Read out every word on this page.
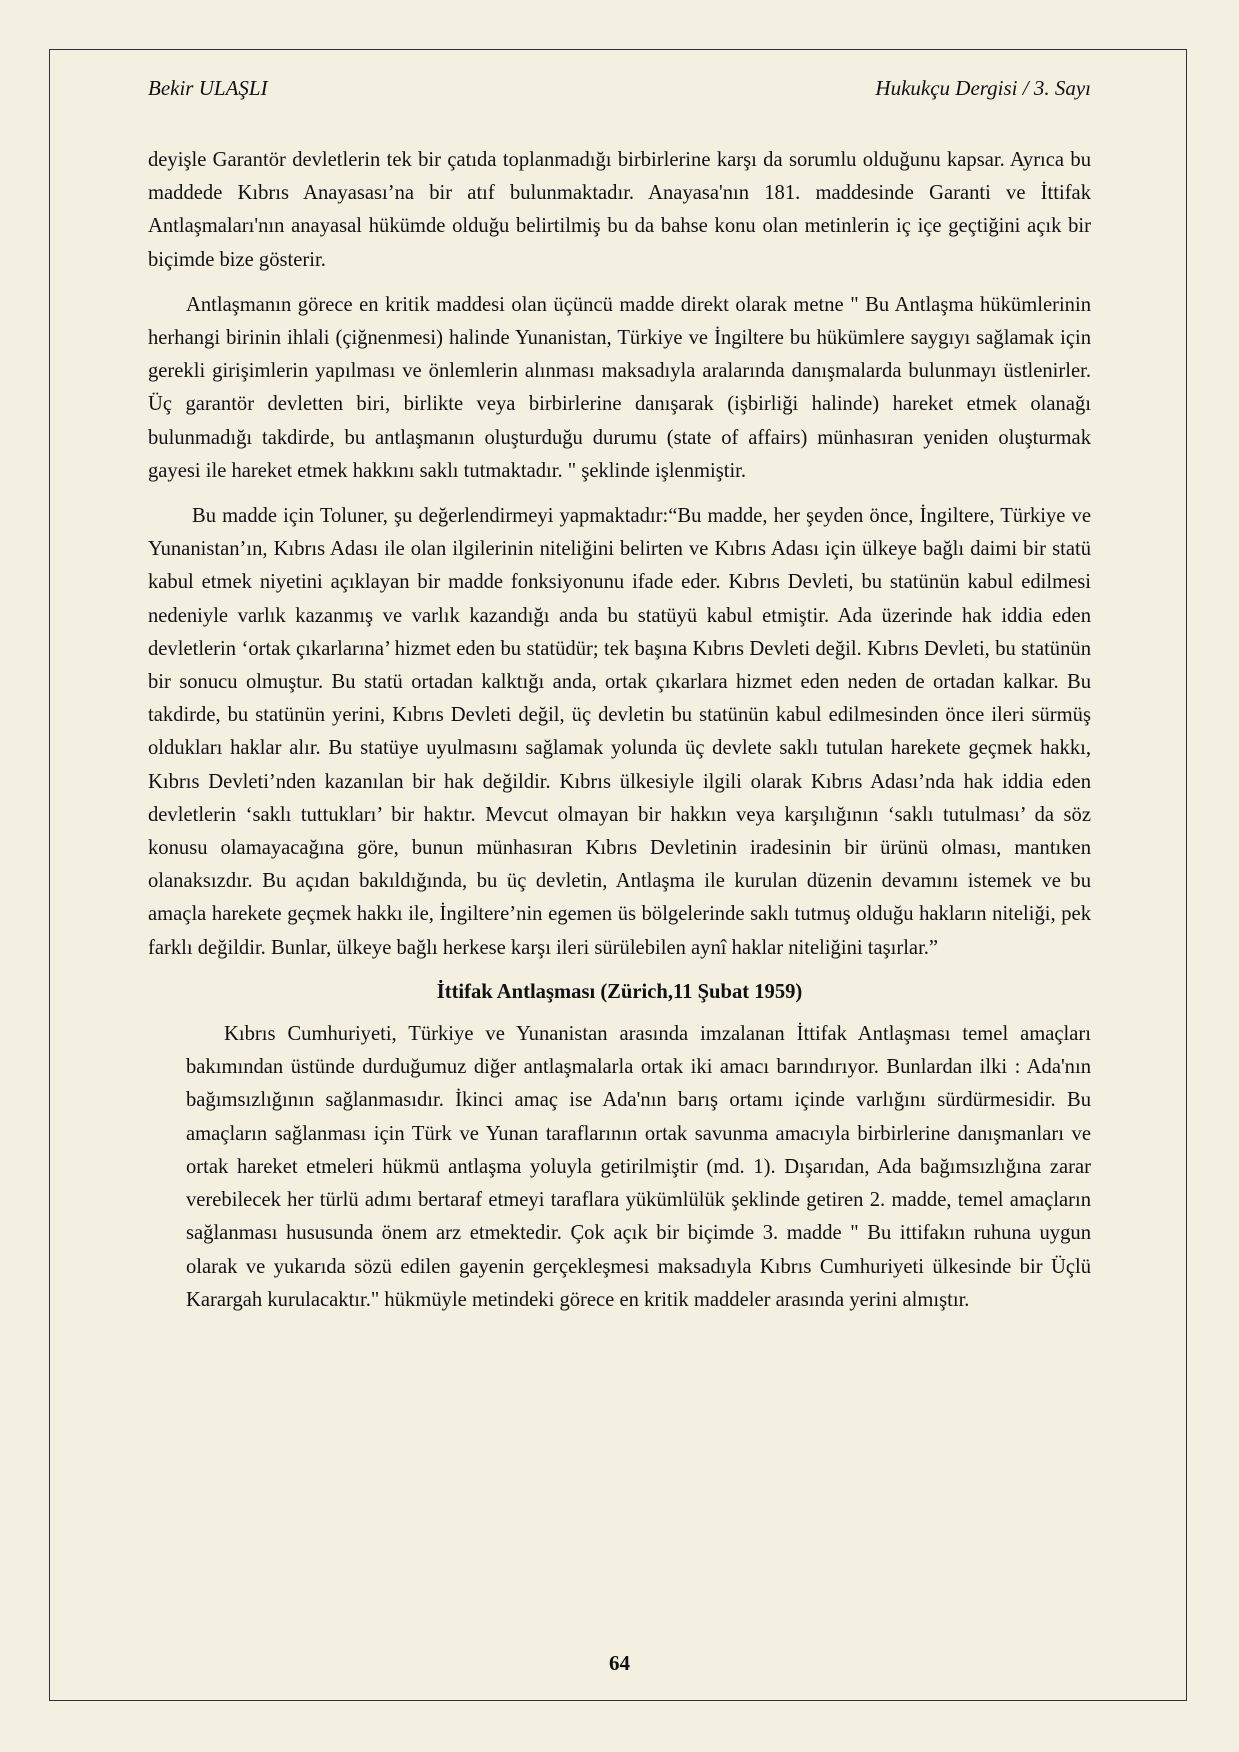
Bekir ULAŞLI	Hukukçu Dergisi / 3. Sayı

deyişle Garantör devletlerin tek bir çatıda toplanmadığı birbirlerine karşı da sorumlu olduğunu kapsar. Ayrıca bu maddede Kıbrıs Anayasası’na bir atıf bulunmaktadır. Anayasa'nın 181. maddesinde Garanti ve İttifak Antlaşmaları'nın anayasal hükümde olduğu belirtilmiş bu da bahse konu olan metinlerin iç içe geçtiğini açık bir biçimde bize gösterir.

Antlaşmanın görece en kritik maddesi olan üçüncü madde direkt olarak metne " Bu Antlaşma hükümlerinin herhangi birinin ihlali (çiğnenmesi) halinde Yunanistan, Türkiye ve İngiltere bu hükümlere saygıyı sağlamak için gerekli girişimlerin yapılması ve önlemlerin alınması maksadıyla aralarında danışmalarda bulunmayı üstlenirler. Üç garantör devletten biri, birlikte veya birbirlerine danışarak (işbirliği halinde) hareket etmek olanağı bulunmadığı takdirde, bu antlaşmanın oluşturduğu durumu (state of affairs) münhasıran yeniden oluşturmak gayesi ile hareket etmek hakkını saklı tutmaktadır. " şeklinde işlenmiştir.

Bu madde için Toluner, şu değerlendirmeyi yapmaktadır:“Bu madde, her şeyden önce, İngiltere, Türkiye ve Yunanistan’ın, Kıbrıs Adası ile olan ilgilerinin niteliğini belirten ve Kıbrıs Adası için ülkeye bağlı daimi bir statü kabul etmek niyetini açıklayan bir madde fonksiyonunu ifade eder. Kıbrıs Devleti, bu statünün kabul edilmesi nedeniyle varlık kazanmış ve varlık kazandığı anda bu statüyü kabul etmiştir. Ada üzerinde hak iddia eden devletlerin ‘ortak çıkarlarına’ hizmet eden bu statüdür; tek başına Kıbrıs Devleti değil. Kıbrıs Devleti, bu statünün bir sonucu olmuştur. Bu statü ortadan kalktığı anda, ortak çıkarlara hizmet eden neden de ortadan kalkar. Bu takdirde, bu statünün yerini, Kıbrıs Devleti değil, üç devletin bu statünün kabul edilmesinden önce ileri sürmüş oldukları haklar alır. Bu statüye uyulmasını sağlamak yolunda üç devlete saklı tutulan harekete geçmek hakkı, Kıbrıs Devleti’nden kazanılan bir hak değildir. Kıbrıs ülkesiyle ilgili olarak Kıbrıs Adası’nda hak iddia eden devletlerin ‘saklı tuttukları’ bir haktır. Mevcut olmayan bir hakkın veya karşılığının ‘saklı tutulması’ da söz konusu olamayacağına göre, bunun münhasıran Kıbrıs Devletinin iradesinin bir ürünü olması, mantıken olanaksızdır. Bu açıdan bakıldığında, bu üç devletin, Antlaşma ile kurulan düzenin devamını istemek ve bu amaçla harekete geçmek hakkı ile, İngiltere’nin egemen üs bölgelerinde saklı tutmuş olduğu hakların niteliği, pek farklı değildir. Bunlar, ülkeye bağlı herkese karşı ileri sürülebilen aynî haklar niteliğini taşırlar.”

İttifak Antlaşması (Zürich,11 Şubat 1959)

Kıbrıs Cumhuriyeti, Türkiye ve Yunanistan arasında imzalanan İttifak Antlaşması temel amaçları bakımından üstünde durduğumuz diğer antlaşmalarla ortak iki amacı barındırıyor. Bunlardan ilki : Ada'nın bağımsızlığının sağlanmasıdır. İkinci amaç ise Ada'nın barış ortamı içinde varlığını sürdürmesidir. Bu amaçların sağlanması için Türk ve Yunan taraflarının ortak savunma amacıyla birbirlerine danışmanları ve ortak hareket etmeleri hükmü antlaşma yoluyla getirilmiştir (md. 1). Dışarıdan, Ada bağımsızlığına zarar verebilecek her türlü adımı bertaraf etmeyi taraflara yükümlülük şeklinde getiren 2. madde, temel amaçların sağlanması hususunda önem arz etmektedir. Çok açık bir biçimde 3. madde " Bu ittifakın ruhuna uygun olarak ve yukarıda sözü edilen gayenin gerçekleşmesi maksadıyla Kıbrıs Cumhuriyeti ülkesinde bir Üçlü Karargah kurulacaktır." hükmüyle metindeki görece en kritik maddeler arasında yerini almıştır.

64
